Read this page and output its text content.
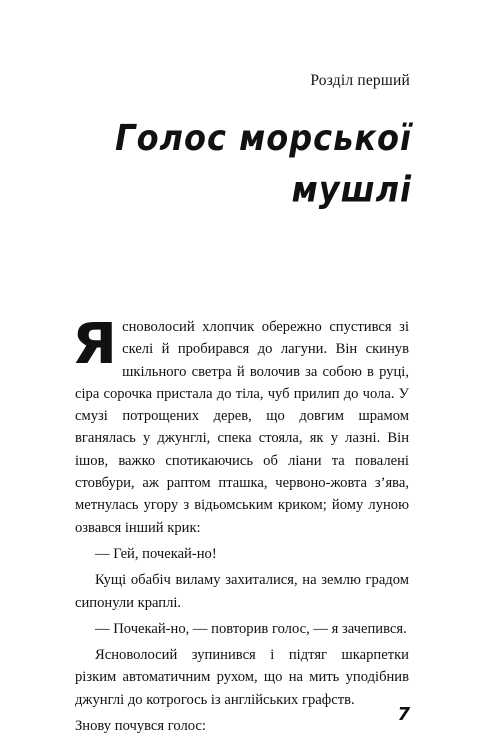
Розділ перший
Голос морської
мушлі

Ясноволосий хлопчик обережно спустився зі скелі й пробирався до лагуни. Він скинув шкільного светра й волочив за собою в руці, сіра сорочка пристала до тіла, чуб прилип до чола. У смузі потрощених дерев, що довгим шрамом вганялась у джунглі, спека стояла, як у лазні. Він ішов, важко спотикаючись об ліани та повалені стовбури, аж раптом пташка, червоно-жовта з’ява, метнулась угору з відьомським криком; йому луною озвався інший крик:

— Гей, почекай-но!

Кущі обабіч виламу захиталися, на землю градом сипонули краплі.

— Почекай-но, — повторив голос, — я зачепився.

Ясноволосий зупинився і підтяг шкарпетки різким автоматичним рухом, що на мить уподібнив джунглі до котрогось із англійських графств.

Знову почувся голос:

7
